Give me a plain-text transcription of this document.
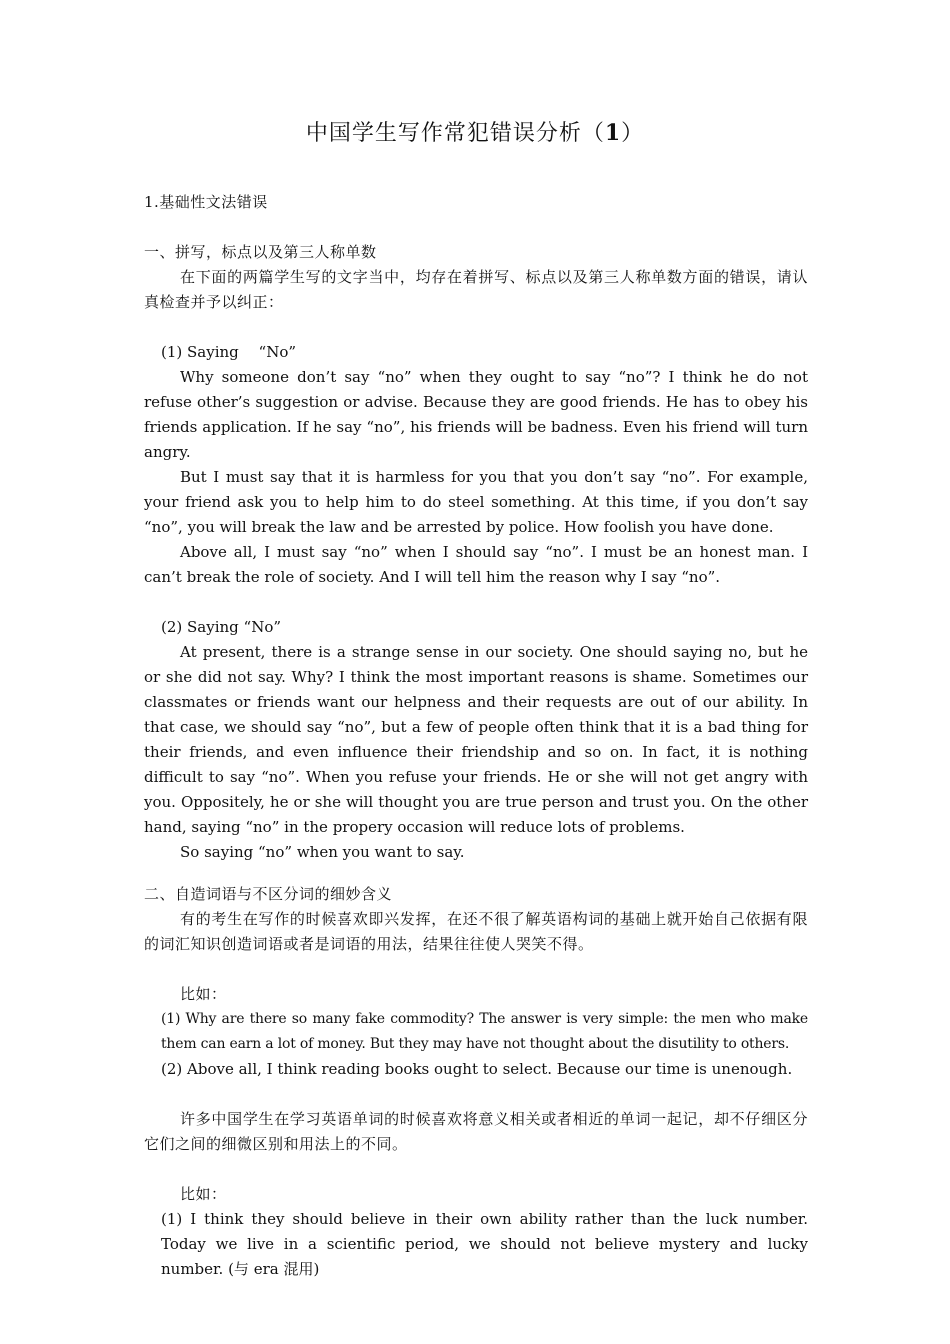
中国学生写作常犯错误分析（1）

1.基础性文法错误

一、拼写，标点以及第三人称单数

在下面的两篇学生写的文字当中，均存在着拼写、标点以及第三人称单数方面的错误，请认真检查并予以纠正：

(1) Saying 　“No”

Why someone don’t say “no” when they ought to say “no”? I think he do not refuse other’s suggestion or advise. Because they are good friends. He has to obey his friends application. If he say “no”, his friends will be badness. Even his friend will turn angry.

But I must say that it is harmless for you that you don’t say “no”. For example, your friend ask you to help him to do steel something. At this time, if you don’t say “no”, you will break the law and be arrested by police. How foolish you have done.

Above all, I must say “no” when I should say “no”. I must be an honest man. I can’t break the role of society. And I will tell him the reason why I say “no”.

(2) Saying “No”

At present, there is a strange sense in our society. One should saying no, but he or she did not say. Why? I think the most important reasons is shame. Sometimes our classmates or friends want our helpness and their requests are out of our ability. In that case, we should say “no”, but a few of people often think that it is a bad thing for their friends, and even influence their friendship and so on. In fact, it is nothing difficult to say “no”. When you refuse your friends. He or she will not get angry with you. Oppositely, he or she will thought you are true person and trust you. On the other hand, saying “no” in the propery occasion will reduce lots of problems.

So saying “no” when you want to say.

二、自造词语与不区分词的细妙含义

有的考生在写作的时候喜欢即兴发挥，在还不很了解英语构词的基础上就开始自己依据有限的词汇知识创造词语或者是词语的用法，结果往往使人哭笑不得。

比如：

(1) Why are there so many fake commodity? The answer is very simple: the men who make them can earn a lot of money. But they may have not thought about the disutility to others.

(2) Above all, I think reading books ought to select. Because our time is unenough.

许多中国学生在学习英语单词的时候喜欢将意义相关或者相近的单词一起记，却不仔细区分它们之间的细微区别和用法上的不同。

比如：

(1) I think they should believe in their own ability rather than the luck number. Today we live in a scientific period, we should not believe mystery and lucky number. (与 era 混用)
